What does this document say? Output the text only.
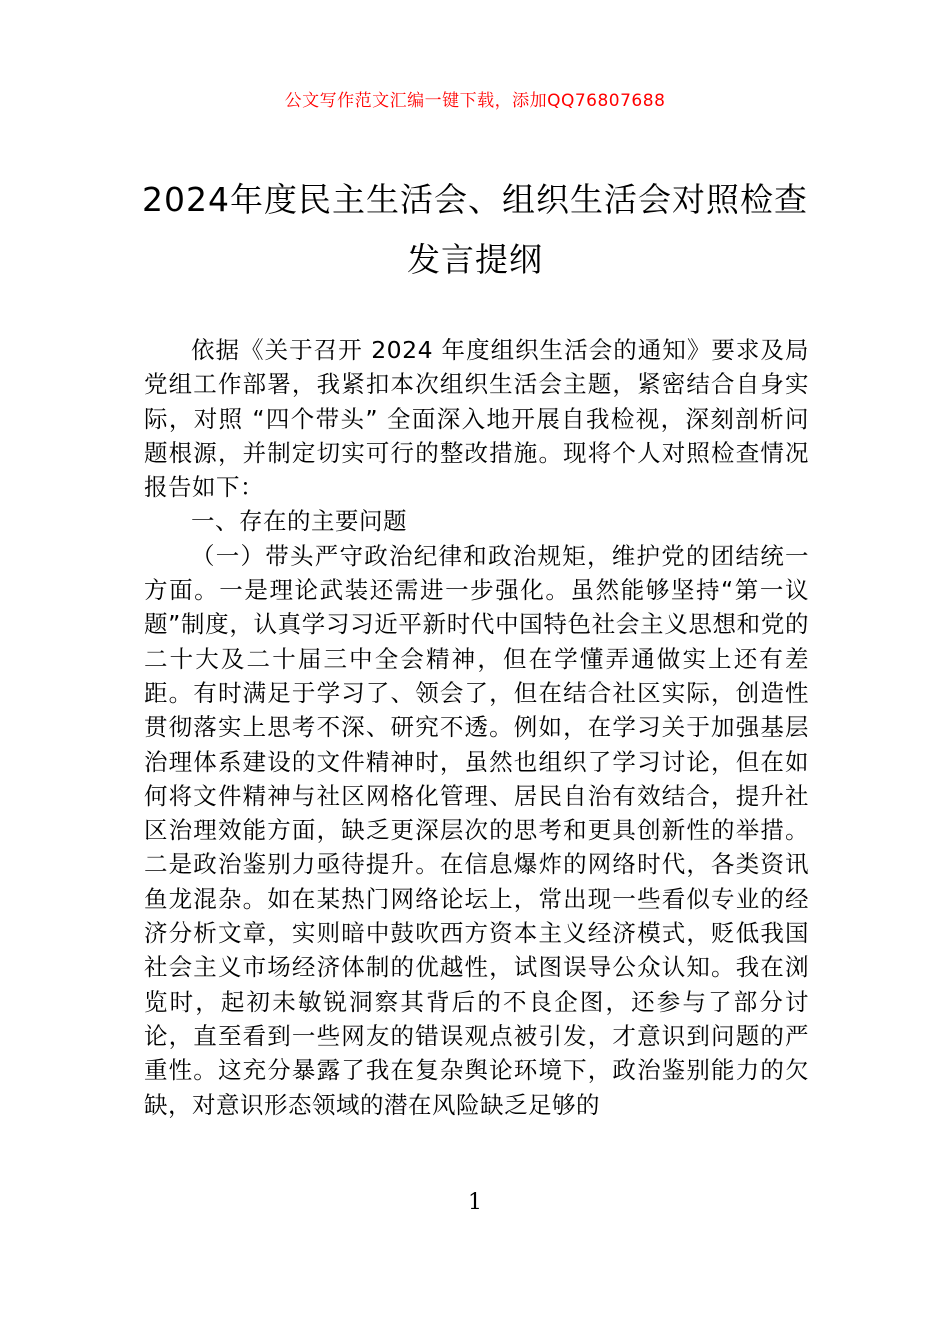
公文写作范文汇编一键下载，添加QQ76807688
2024年度民主生活会、组织生活会对照检查发言提纲

依据《关于召开 2024 年度组织生活会的通知》要求及局党组工作部署，我紧扣本次组织生活会主题，紧密结合自身实际，对照 “四个带头” 全面深入地开展自我检视，深刻剖析问题根源，并制定切实可行的整改措施。现将个人对照检查情况报告如下：

一、存在的主要问题

（一）带头严守政治纪律和政治规矩，维护党的团结统一方面。一是理论武装还需进一步强化。虽然能够坚持“第一议题”制度，认真学习习近平新时代中国特色社会主义思想和党的二十大及二十届三中全会精神，但在学懂弄通做实上还有差距。有时满足于学习了、领会了，但在结合社区实际，创造性贯彻落实上思考不深、研究不透。例如，在学习关于加强基层治理体系建设的文件精神时，虽然也组织了学习讨论，但在如何将文件精神与社区网格化管理、居民自治有效结合，提升社区治理效能方面，缺乏更深层次的思考和更具创新性的举措。二是政治鉴别力亟待提升。在信息爆炸的网络时代，各类资讯鱼龙混杂。如在某热门网络论坛上，常出现一些看似专业的经济分析文章，实则暗中鼓吹西方资本主义经济模式，贬低我国社会主义市场经济体制的优越性，试图误导公众认知。我在浏览时，起初未敏锐洞察其背后的不良企图，还参与了部分讨论，直至看到一些网友的错误观点被引发，才意识到问题的严重性。这充分暴露了我在复杂舆论环境下，政治鉴别能力的欠缺，对意识形态领域的潜在风险缺乏足够的

1
